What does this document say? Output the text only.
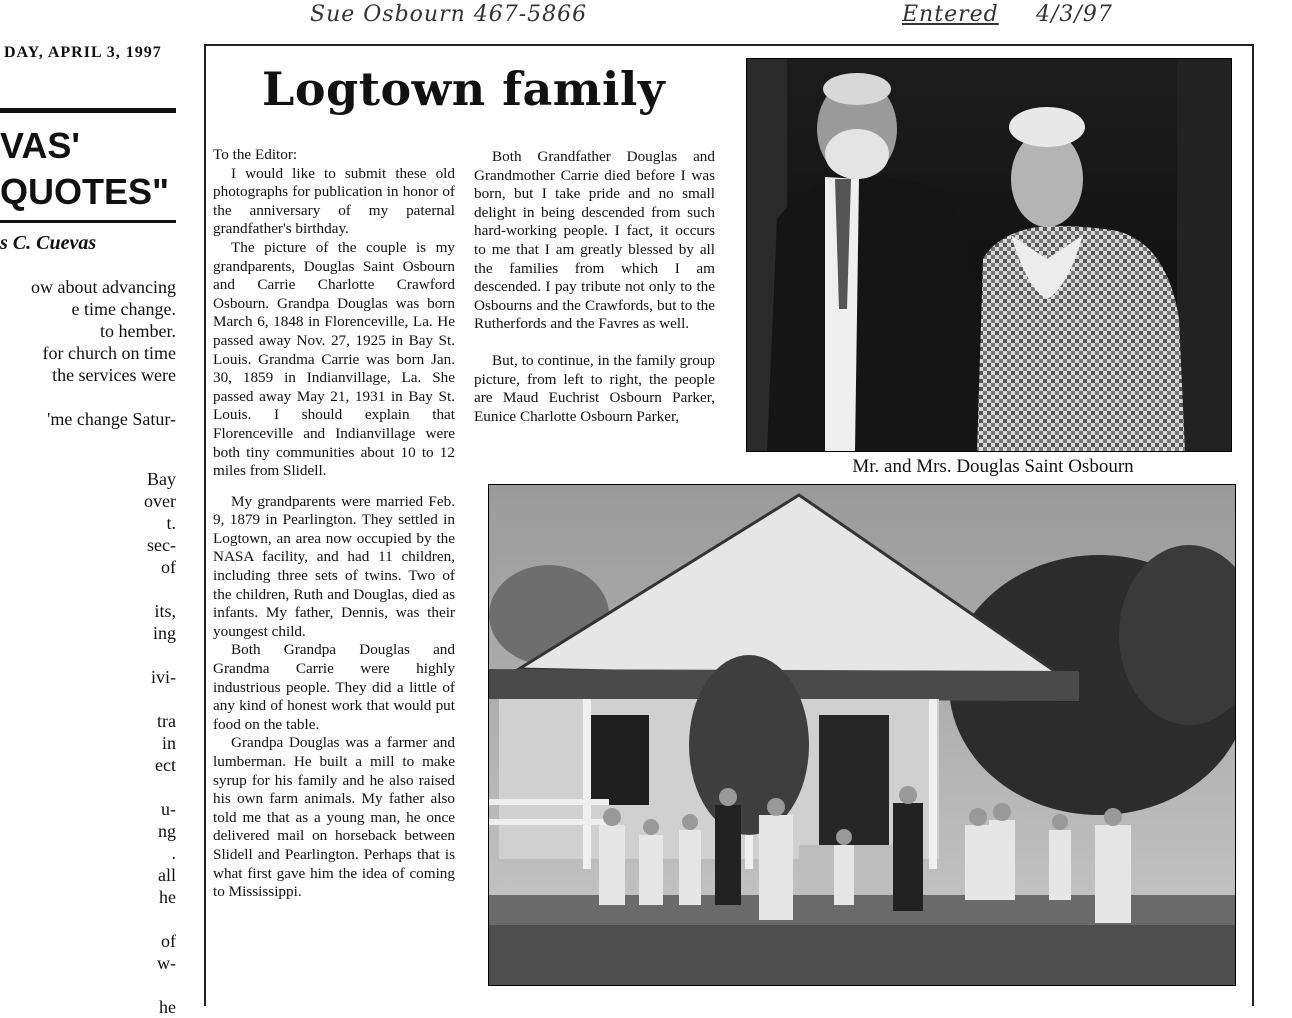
Sue Osbourn 467-5866	Entered 4/3/97
DAY, APRIL 3, 1997
VAS'
QUOTES"
s C. Cuevas
ow about advancing
e time change.
to hember.
for church on time
the services were
'me change Satur-
Bay
over
t.
sec-
of
its,
ing
ivi-
tra
in
ect
u-
ng
.
all
he
of
w-
he
Logtown family

To the Editor:

I would like to submit these old photographs for publication in honor of the anniversary of my paternal grandfather's birthday.

The picture of the couple is my grandparents, Douglas Saint Osbourn and Carrie Charlotte Crawford Osbourn. Grandpa Douglas was born March 6, 1848 in Florenceville, La. He passed away Nov. 27, 1925 in Bay St. Louis. Grandma Carrie was born Jan. 30, 1859 in Indianvillage, La. She passed away May 21, 1931 in Bay St. Louis. I should explain that Florenceville and Indianvillage were both tiny communities about 10 to 12 miles from Slidell.

My grandparents were married Feb. 9, 1879 in Pearlington. They settled in Logtown, an area now occupied by the NASA facility, and had 11 children, including three sets of twins. Two of the children, Ruth and Douglas, died as infants. My father, Dennis, was their youngest child.

Both Grandpa Douglas and Grandma Carrie were highly industrious people. They did a little of any kind of honest work that would put food on the table.

Grandpa Douglas was a farmer and lumberman. He built a mill to make syrup for his family and he also raised his own farm animals. My father also told me that as a young man, he once delivered mail on horseback between Slidell and Pearlington. Perhaps that is what first gave him the idea of coming to Mississippi.

Both Grandfather Douglas and Grandmother Carrie died before I was born, but I take pride and no small delight in being descended from such hard-working people. I fact, it occurs to me that I am greatly blessed by all the families from which I am descended. I pay tribute not only to the Osbourns and the Crawfords, but to the Rutherfords and the Favres as well.

But, to continue, in the family group picture, from left to right, the people are Maud Euchrist Osbourn Parker, Eunice Charlotte Osbourn Parker,

Mr. and Mrs. Douglas Saint Osbourn
